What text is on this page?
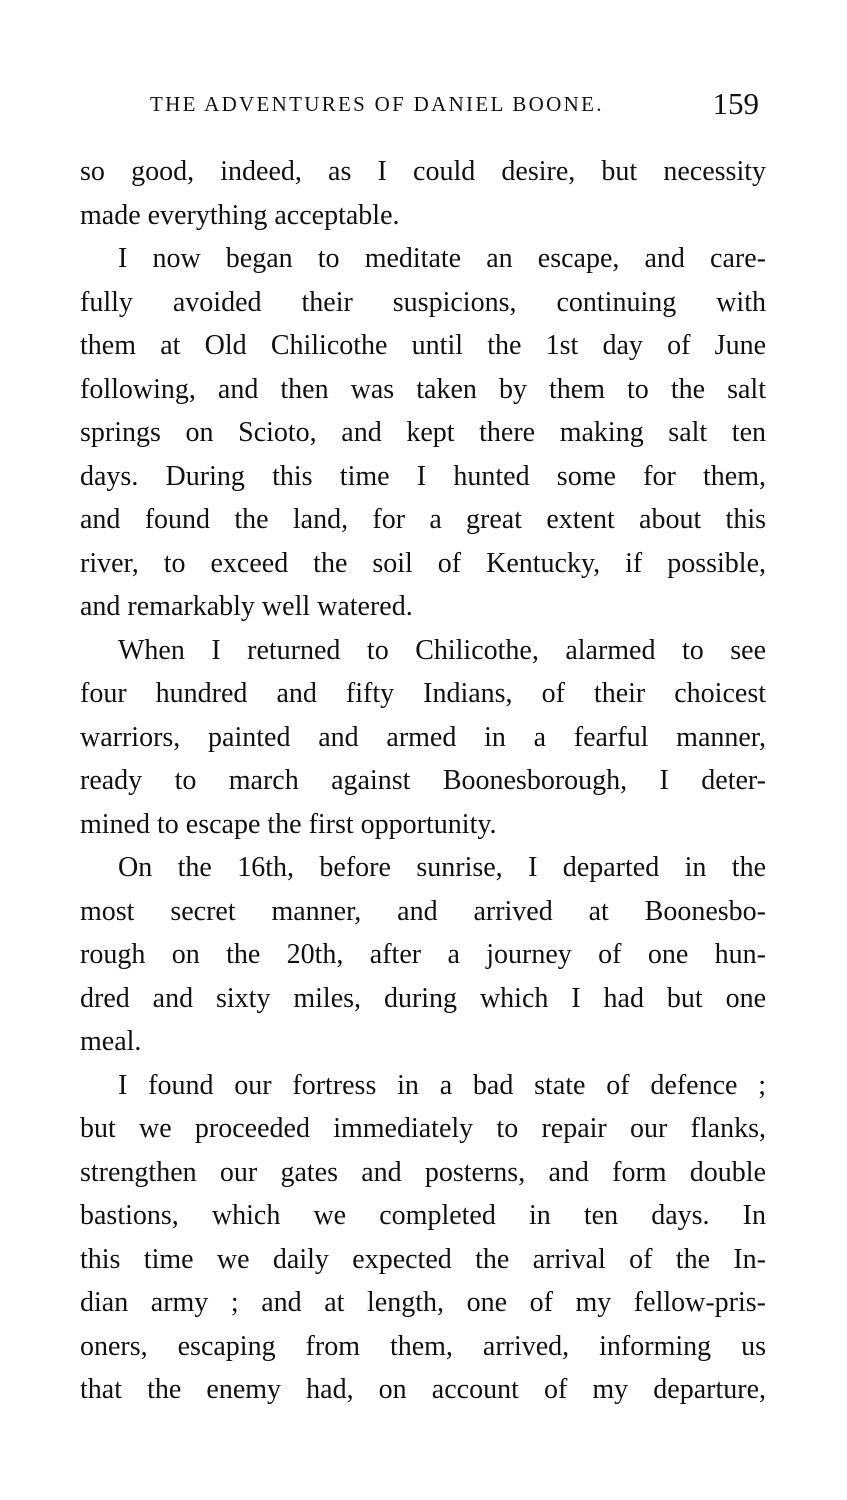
THE ADVENTURES OF DANIEL BOONE.	159
so good, indeed, as I could desire, but necessity
made everything acceptable.
I now began to meditate an escape, and care-
fully avoided their suspicions, continuing with
them at Old Chilicothe until the 1st day of June
following, and then was taken by them to the salt
springs on Scioto, and kept there making salt ten
days. During this time I hunted some for them,
and found the land, for a great extent about this
river, to exceed the soil of Kentucky, if possible,
and remarkably well watered.
When I returned to Chilicothe, alarmed to see
four hundred and fifty Indians, of their choicest
warriors, painted and armed in a fearful manner,
ready to march against Boonesborough, I deter-
mined to escape the first opportunity.
On the 16th, before sunrise, I departed in the
most secret manner, and arrived at Boonesbo-
rough on the 20th, after a journey of one hun-
dred and sixty miles, during which I had but one
meal.
I found our fortress in a bad state of defence ;
but we proceeded immediately to repair our flanks,
strengthen our gates and posterns, and form double
bastions, which we completed in ten days. In
this time we daily expected the arrival of the In-
dian army ; and at length, one of my fellow-pris-
oners, escaping from them, arrived, informing us
that the enemy had, on account of my departure,
